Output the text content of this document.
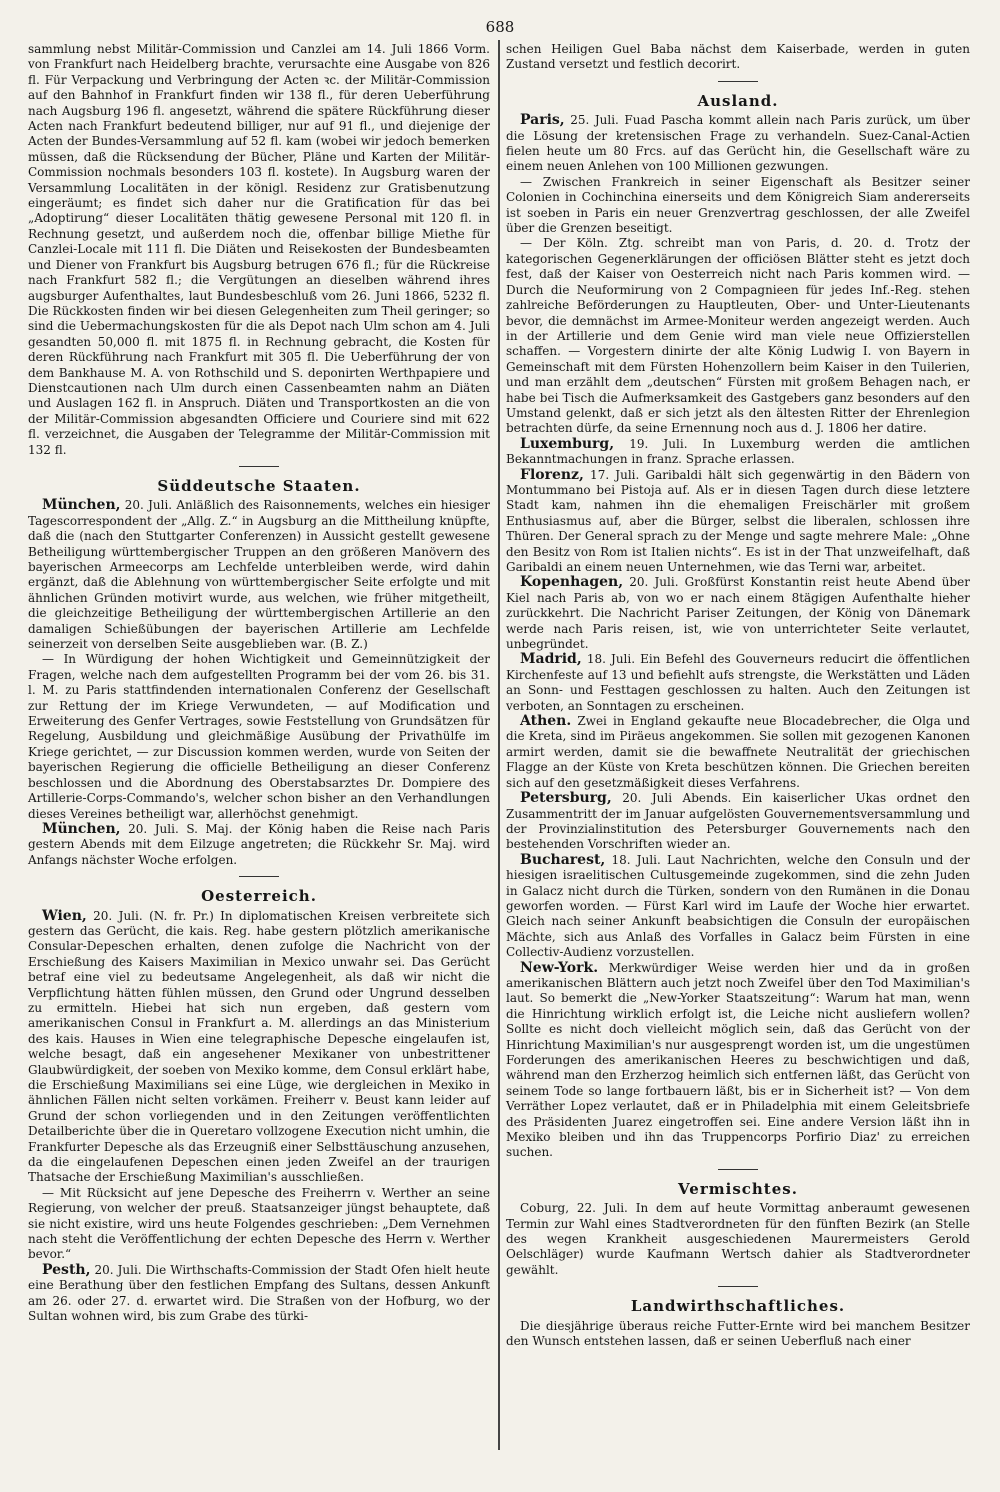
688

sammlung nebst Militär-Commission und Canzlei am 14. Juli 1866 Vorm. von Frankfurt nach Heidelberg brachte, verursachte eine Ausgabe von 826 fl. Für Verpackung und Verbringung der Acten ꝛc. der Militär-Commission auf den Bahnhof in Frankfurt finden wir 138 fl., für deren Ueberführung nach Augsburg 196 fl. angesetzt, während die spätere Rückführung dieser Acten nach Frankfurt bedeutend billiger, nur auf 91 fl., und diejenige der Acten der Bundes-Versammlung auf 52 fl. kam (wobei wir jedoch bemerken müssen, daß die Rücksendung der Bücher, Pläne und Karten der Militär-Commission nochmals besonders 103 fl. kostete). In Augsburg waren der Versammlung Localitäten in der königl. Residenz zur Gratisbenutzung eingeräumt; es findet sich daher nur die Gratification für das bei „Adoptirung“ dieser Localitäten thätig gewesene Personal mit 120 fl. in Rechnung gesetzt, und außerdem noch die, offenbar billige Miethe für Canzlei-Locale mit 111 fl. Die Diäten und Reisekosten der Bundesbeamten und Diener von Frankfurt bis Augsburg betrugen 676 fl.; für die Rückreise nach Frankfurt 582 fl.; die Vergütungen an dieselben während ihres augsburger Aufenthaltes, laut Bundesbeschluß vom 26. Juni 1866, 5232 fl. Die Rückkosten finden wir bei diesen Gelegenheiten zum Theil geringer; so sind die Uebermachungskosten für die als Depot nach Ulm schon am 4. Juli gesandten 50,000 fl. mit 1875 fl. in Rechnung gebracht, die Kosten für deren Rückführung nach Frankfurt mit 305 fl. Die Ueberführung der von dem Bankhause M. A. von Rothschild und S. deponirten Werthpapiere und Dienstcautionen nach Ulm durch einen Cassenbeamten nahm an Diäten und Auslagen 162 fl. in Anspruch. Diäten und Transportkosten an die von der Militär-Commission abgesandten Officiere und Couriere sind mit 622 fl. verzeichnet, die Ausgaben der Telegramme der Militär-Commission mit 132 fl.

Süddeutsche Staaten.

München, 20. Juli. Anläßlich des Raisonnements, welches ein hiesiger Tagescorrespondent der „Allg. Z.“ in Augsburg an die Mittheilung knüpfte, daß die (nach den Stuttgarter Conferenzen) in Aussicht gestellt gewesene Betheiligung württembergischer Truppen an den größeren Manövern des bayerischen Armeecorps am Lechfelde unterbleiben werde, wird dahin ergänzt, daß die Ablehnung von württembergischer Seite erfolgte und mit ähnlichen Gründen motivirt wurde, aus welchen, wie früher mitgetheilt, die gleichzeitige Betheiligung der württembergischen Artillerie an den damaligen Schießübungen der bayerischen Artillerie am Lechfelde seinerzeit von derselben Seite ausgeblieben war. (B. Z.)

— In Würdigung der hohen Wichtigkeit und Gemeinnützigkeit der Fragen, welche nach dem aufgestellten Programm bei der vom 26. bis 31. l. M. zu Paris stattfindenden internationalen Conferenz der Gesellschaft zur Rettung der im Kriege Verwundeten, — auf Modification und Erweiterung des Genfer Vertrages, sowie Feststellung von Grundsätzen für Regelung, Ausbildung und gleichmäßige Ausübung der Privathülfe im Kriege gerichtet, — zur Discussion kommen werden, wurde von Seiten der bayerischen Regierung die officielle Betheiligung an dieser Conferenz beschlossen und die Abordnung des Oberstabsarztes Dr. Dompiere des Artillerie-Corps-Commando's, welcher schon bisher an den Verhandlungen dieses Vereines betheiligt war, allerhöchst genehmigt.

München, 20. Juli. S. Maj. der König haben die Reise nach Paris gestern Abends mit dem Eilzuge angetreten; die Rückkehr Sr. Maj. wird Anfangs nächster Woche erfolgen.

Oesterreich.

Wien, 20. Juli. (N. fr. Pr.) In diplomatischen Kreisen verbreitete sich gestern das Gerücht, die kais. Reg. habe gestern plötzlich amerikanische Consular-Depeschen erhalten, denen zufolge die Nachricht von der Erschießung des Kaisers Maximilian in Mexico unwahr sei. Das Gerücht betraf eine viel zu bedeutsame Angelegenheit, als daß wir nicht die Verpflichtung hätten fühlen müssen, den Grund oder Ungrund desselben zu ermitteln. Hiebei hat sich nun ergeben, daß gestern vom amerikanischen Consul in Frankfurt a. M. allerdings an das Ministerium des kais. Hauses in Wien eine telegraphische Depesche eingelaufen ist, welche besagt, daß ein angesehener Mexikaner von unbestrittener Glaubwürdigkeit, der soeben von Mexiko komme, dem Consul erklärt habe, die Erschießung Maximilians sei eine Lüge, wie dergleichen in Mexiko in ähnlichen Fällen nicht selten vorkämen. Freiherr v. Beust kann leider auf Grund der schon vorliegenden und in den Zeitungen veröffentlichten Detailberichte über die in Queretaro vollzogene Execution nicht umhin, die Frankfurter Depesche als das Erzeugniß einer Selbsttäuschung anzusehen, da die eingelaufenen Depeschen einen jeden Zweifel an der traurigen Thatsache der Erschießung Maximilian's ausschließen.

— Mit Rücksicht auf jene Depesche des Freiherrn v. Werther an seine Regierung, von welcher der preuß. Staatsanzeiger jüngst behauptete, daß sie nicht existire, wird uns heute Folgendes geschrieben: „Dem Vernehmen nach steht die Veröffentlichung der echten Depesche des Herrn v. Werther bevor.“

Pesth, 20. Juli. Die Wirthschafts-Commission der Stadt Ofen hielt heute eine Berathung über den festlichen Empfang des Sultans, dessen Ankunft am 26. oder 27. d. erwartet wird. Die Straßen von der Hofburg, wo der Sultan wohnen wird, bis zum Grabe des türki-

schen Heiligen Guel Baba nächst dem Kaiserbade, werden in guten Zustand versetzt und festlich decorirt.

Ausland.

Paris, 25. Juli. Fuad Pascha kommt allein nach Paris zurück, um über die Lösung der kretensischen Frage zu verhandeln. Suez-Canal-Actien fielen heute um 80 Frcs. auf das Gerücht hin, die Gesellschaft wäre zu einem neuen Anlehen von 100 Millionen gezwungen.

— Zwischen Frankreich in seiner Eigenschaft als Besitzer seiner Colonien in Cochinchina einerseits und dem Königreich Siam andererseits ist soeben in Paris ein neuer Grenzvertrag geschlossen, der alle Zweifel über die Grenzen beseitigt.

— Der Köln. Ztg. schreibt man von Paris, d. 20. d. Trotz der kategorischen Gegenerklärungen der officiösen Blätter steht es jetzt doch fest, daß der Kaiser von Oesterreich nicht nach Paris kommen wird. — Durch die Neuformirung von 2 Compagnieen für jedes Inf.-Reg. stehen zahlreiche Beförderungen zu Hauptleuten, Ober- und Unter-Lieutenants bevor, die demnächst im Armee-Moniteur werden angezeigt werden. Auch in der Artillerie und dem Genie wird man viele neue Offizierstellen schaffen. — Vorgestern dinirte der alte König Ludwig I. von Bayern in Gemeinschaft mit dem Fürsten Hohenzollern beim Kaiser in den Tuilerien, und man erzählt dem „deutschen“ Fürsten mit großem Behagen nach, er habe bei Tisch die Aufmerksamkeit des Gastgebers ganz besonders auf den Umstand gelenkt, daß er sich jetzt als den ältesten Ritter der Ehrenlegion betrachten dürfe, da seine Ernennung noch aus d. J. 1806 her datire.

Luxemburg, 19. Juli. In Luxemburg werden die amtlichen Bekanntmachungen in franz. Sprache erlassen.

Florenz, 17. Juli. Garibaldi hält sich gegenwärtig in den Bädern von Montummano bei Pistoja auf. Als er in diesen Tagen durch diese letztere Stadt kam, nahmen ihn die ehemaligen Freischärler mit großem Enthusiasmus auf, aber die Bürger, selbst die liberalen, schlossen ihre Thüren. Der General sprach zu der Menge und sagte mehrere Male: „Ohne den Besitz von Rom ist Italien nichts“. Es ist in der That unzweifelhaft, daß Garibaldi an einem neuen Unternehmen, wie das Terni war, arbeitet.

Kopenhagen, 20. Juli. Großfürst Konstantin reist heute Abend über Kiel nach Paris ab, von wo er nach einem 8tägigen Aufenthalte hieher zurückkehrt. Die Nachricht Pariser Zeitungen, der König von Dänemark werde nach Paris reisen, ist, wie von unterrichteter Seite verlautet, unbegründet.

Madrid, 18. Juli. Ein Befehl des Gouverneurs reducirt die öffentlichen Kirchenfeste auf 13 und befiehlt aufs strengste, die Werkstätten und Läden an Sonn- und Festtagen geschlossen zu halten. Auch den Zeitungen ist verboten, an Sonntagen zu erscheinen.

Athen. Zwei in England gekaufte neue Blocadebrecher, die Olga und die Kreta, sind im Piräeus angekommen. Sie sollen mit gezogenen Kanonen armirt werden, damit sie die bewaffnete Neutralität der griechischen Flagge an der Küste von Kreta beschützen können. Die Griechen bereiten sich auf den gesetzmäßigkeit dieses Verfahrens.

Petersburg, 20. Juli Abends. Ein kaiserlicher Ukas ordnet den Zusammentritt der im Januar aufgelösten Gouvernementsversammlung und der Provinzialinstitution des Petersburger Gouvernements nach den bestehenden Vorschriften wieder an.

Bucharest, 18. Juli. Laut Nachrichten, welche den Consuln und der hiesigen israelitischen Cultusgemeinde zugekommen, sind die zehn Juden in Galacz nicht durch die Türken, sondern von den Rumänen in die Donau geworfen worden. — Fürst Karl wird im Laufe der Woche hier erwartet. Gleich nach seiner Ankunft beabsichtigen die Consuln der europäischen Mächte, sich aus Anlaß des Vorfalles in Galacz beim Fürsten in eine Collectiv-Audienz vorzustellen.

New-York. Merkwürdiger Weise werden hier und da in großen amerikanischen Blättern auch jetzt noch Zweifel über den Tod Maximilian's laut. So bemerkt die „New-Yorker Staatszeitung“: Warum hat man, wenn die Hinrichtung wirklich erfolgt ist, die Leiche nicht ausliefern wollen? Sollte es nicht doch vielleicht möglich sein, daß das Gerücht von der Hinrichtung Maximilian's nur ausgesprengt worden ist, um die ungestümen Forderungen des amerikanischen Heeres zu beschwichtigen und daß, während man den Erzherzog heimlich sich entfernen läßt, das Gerücht von seinem Tode so lange fortbauern läßt, bis er in Sicherheit ist? — Von dem Verräther Lopez verlautet, daß er in Philadelphia mit einem Geleitsbriefe des Präsidenten Juarez eingetroffen sei. Eine andere Version läßt ihn in Mexiko bleiben und ihn das Truppencorps Porfirio Diaz' zu erreichen suchen.

Vermischtes.

Coburg, 22. Juli. In dem auf heute Vormittag anberaumt gewesenen Termin zur Wahl eines Stadtverordneten für den fünften Bezirk (an Stelle des wegen Krankheit ausgeschiedenen Maurermeisters Gerold Oelschläger) wurde Kaufmann Wertsch dahier als Stadtverordneter gewählt.

Landwirthschaftliches.

Die diesjährige überaus reiche Futter-Ernte wird bei manchem Besitzer den Wunsch entstehen lassen, daß er seinen Ueberfluß nach einer
